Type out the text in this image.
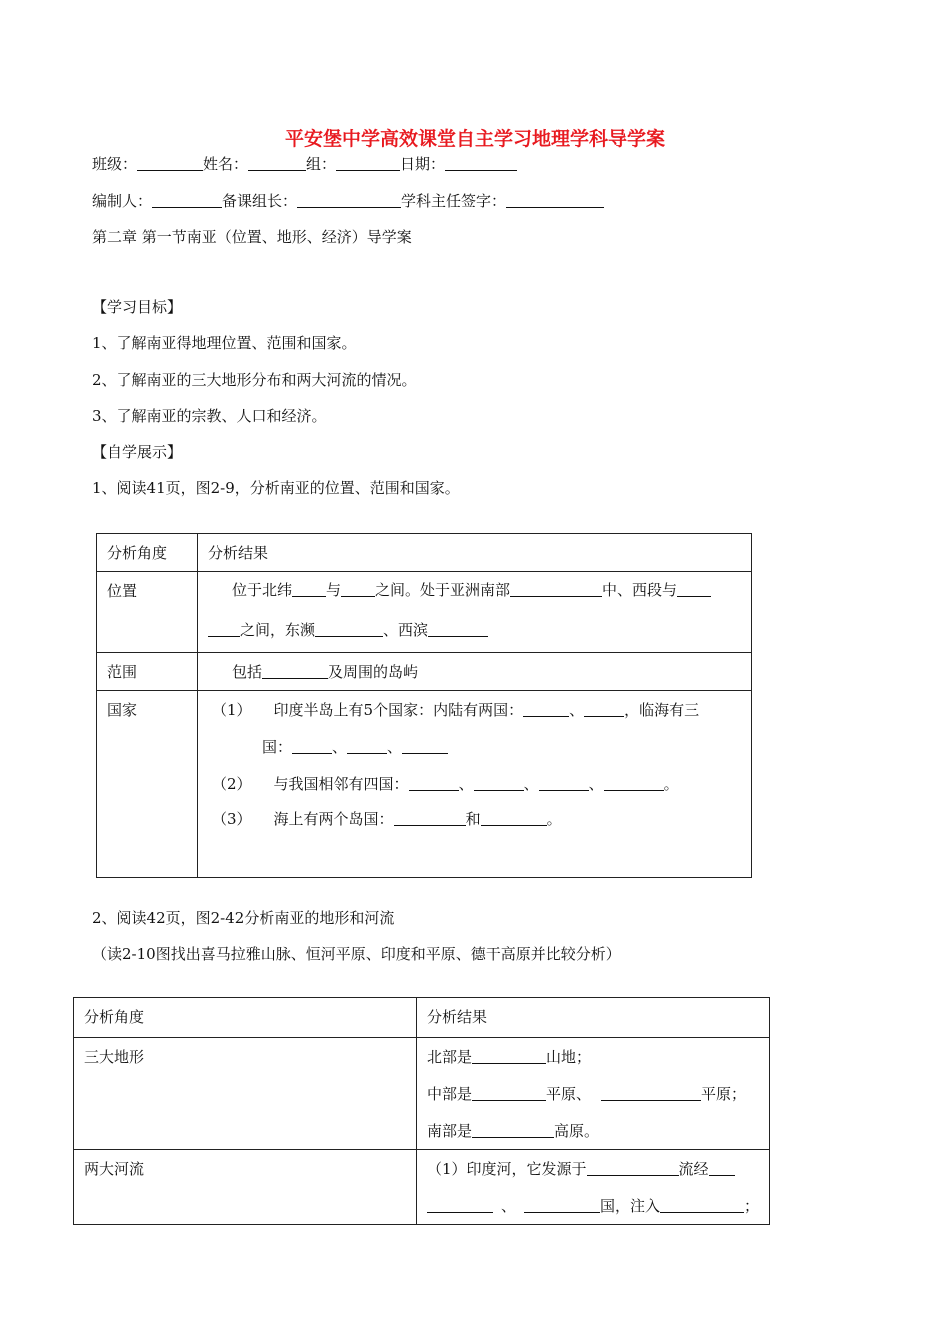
平安堡中学高效课堂自主学习地理学科导学案
班级：	姓名：	组：	日期：
编制人：	备课组长：	学科主任签字：
第二章 第一节南亚（位置、地形、经济）导学案
【学习目标】
1、了解南亚得地理位置、范围和国家。
2、了解南亚的三大地形分布和两大河流的情况。
3、了解南亚的宗教、人口和经济。
【自学展示】
1、阅读41页，图2-9，分析南亚的位置、范围和国家。
分析角度	分析结果

位置	位于北纬 与 之间。处于亚洲南部 中、西段与
之间，东濒 、西滨

范围	包括 及周围的岛屿

国家	（1） 印度半岛上有5个国家：内陆有两国： 、 ，临海有三
国： 、 、
（2） 与我国相邻有四国： 、 、 、 。
（3） 海上有两个岛国： 和 。
2、阅读42页，图2-42分析南亚的地形和河流
（读2-10图找出喜马拉雅山脉、恒河平原、印度和平原、德干高原并比较分析）
分析角度	分析结果

三大地形	北部是 山地；
中部是 平原、 平原；
南部是 高原。

两大河流	（1）印度河，它发源于 流经
、 国，注入 ；
